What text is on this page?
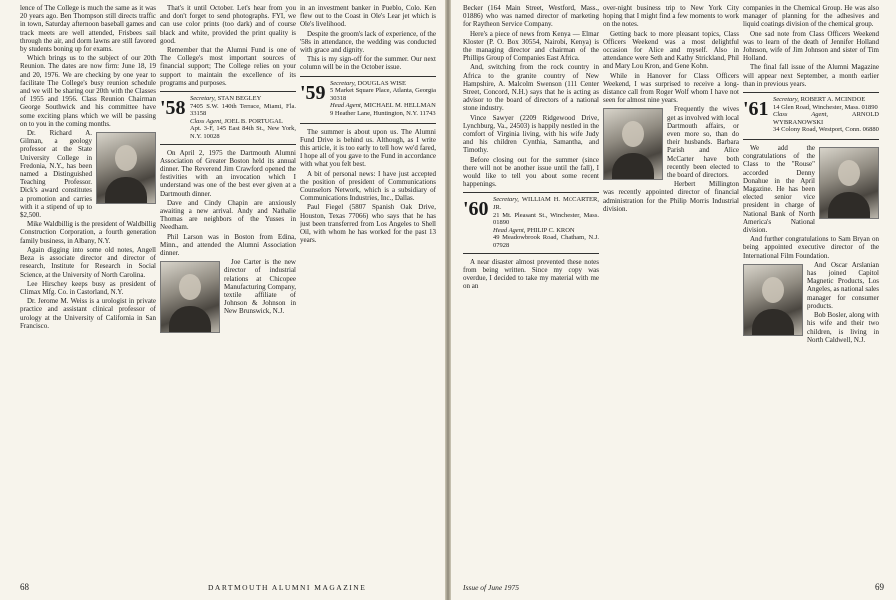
lence of The College is much the same as it was 20 years ago. Ben Thompson still directs traffic in town, Saturday afternoon baseball games and track meets are well attended, Frisbees sail through the air, and dorm lawns are still favored by students boning up for exams.

Which brings us to the subject of our 20th Reunion. The dates are now firm: June 18, 19 and 20, 1976. We are checking by one year to facilitate The College's busy reunion schedule and we will be sharing our 20th with the Classes of 1955 and 1956. Class Reunion Chairman George Southwick and his committee have some exciting plans which we will be passing on to you in the coming months.

Dr. Richard A. Gilman, a geology professor at the State University College in Fredonia, N.Y., has been named a Distinguished Teaching Professor. Dick's award constitutes a promotion and carries with it a stipend of up to $2,500.

Mike Waldbillig is the president of Waldbillig Construction Corporation, a fourth generation family business, in Albany, N.Y.

Again digging into some old notes, Angell Beza is associate director and director of research, Institute for Research in Social Science, at the University of North Carolina.

Lee Hirschey keeps busy as president of Climax Mfg. Co. in Castorland, N.Y.

Dr. Jerome M. Weiss is a urologist in private practice and assistant clinical professor of urology at the University of California in San Francisco.

That's it until October. Let's hear from you and don't forget to send photographs. FYI, we can use color prints (too dark) and of course black and white, provided the print quality is good.

Remember that the Alumni Fund is one of The College's most important sources of financial support; The College relies on your support to maintain the excellence of its programs and purposes.

'58 Secretary, STAN BEGLEY
7405 S.W. 140th Terrace, Miami, Fla. 33158
Class Agent, JOEL B. PORTUGAL
Apt. 3-F, 145 East 84th St., New York, N.Y. 10028

On April 2, 1975 the Dartmouth Alumni Association of Greater Boston held its annual dinner. The Reverend Jim Crawford opened the festivities with an invocation which I understand was one of the best ever given at a Dartmouth dinner.

Dave and Cindy Chapin are anxiously awaiting a new arrival. Andy and Nathalie Thomas are neighbors of the Yusses in Needham.

Phil Larson was in Boston from Edina, Minn., and attended the Alumni Association dinner.

Joe Carter is the new director of industrial relations at Chicopee Manufacturing Company, textile affiliate of Johnson & Johnson in New Brunswick, N.J.

in an investment banker in Pueblo, Colo. Ken flew out to the Coast in Ole's Lear jet which is Ole's livelihood.

Despite the groom's lack of experience, of the '58s in attendance, the wedding was conducted with grace and dignity.

This is my sign-off for the summer. Our next column will be in the October issue.

'59 Secretary, DOUGLAS WISE
5 Market Square Place, Atlanta, Georgia 30318
Head Agent, MICHAEL M. HELLMAN
9 Heather Lane, Huntington, N.Y. 11743

The summer is about upon us. The Alumni Fund Drive is behind us. Although, as I write this article, it is too early to tell how we'd fared, I hope all of you gave to the Fund in accordance with what you felt best.

A bit of personal news: I have just accepted the position of president of Communications Counselors Network, which is a subsidiary of Communications Industries, Inc., Dallas.

Paul Fiegel (5807 Spanish Oak Drive, Houston, Texas 77066) who says that he has just been transferred from Los Angeles to Shell Oil, with whom he has worked for the past 13 years.

68	DARTMOUTH ALUMNI MAGAZINE

Becker (164 Main Street, Westford, Mass., 01886) who was named director of marketing for Raytheon Service Company.

Here's a piece of news from Kenya — Elmar Kloster (P. O. Box 30554, Nairobi, Kenya) is the managing director and chairman of the Phillips Group of Companies East Africa.

And, switching from the rock country in Africa to the granite country of New Hampshire, A. Malcolm Swenson (111 Center Street, Concord, N.H.) says that he is acting as advisor to the board of directors of a national stone industry.

Vince Sawyer (2209 Ridgewood Drive, Lynchburg, Va., 24503) is happily nestled in the comfort of Virginia living, with his wife Judy and his children Cynthia, Samantha, and Timothy.

Before closing out for the summer (since there will not be another issue until the fall), I would like to tell you about some recent happenings.

'60 Secretary, WILLIAM H. McCARTER, JR.
21 Mt. Pleasant St., Winchester, Mass. 01890
Head Agent, PHILIP C. KRON
49 Meadowbrook Road, Chatham, N.J. 07928

A near disaster almost prevented these notes from being written. Since my copy was overdue, I decided to take my material with me on an

over-night business trip to New York City hoping that I might find a few moments to work on the notes.

Getting back to more pleasant topics, Class Officers Weekend was a most delightful occasion for Alice and myself. Also in attendance were Seth and Kathy Strickland, Phil and Mary Lou Kron, and Gene Kohn.

While in Hanover for Class Officers Weekend, I was surprised to receive a long-distance call from Roger Wolf whom I have not seen for almost nine years.

Frequently the wives get as involved with local Dartmouth affairs, or even more so, than do their husbands. Barbara Parish and Alice McCarter have both recently been elected to the board of directors.

Herbert Millington was recently appointed director of financial administration for the Philip Morris Industrial division.

companies in the Chemical Group. He was also manager of planning for the adhesives and liquid coatings division of the chemical group.

One sad note from Class Officers Weekend was to learn of the death of Jennifer Holland Johnson, wife of Jim Johnson and sister of Tim Holland.

The final fall issue of the Alumni Magazine will appear next September, a month earlier than in previous years.

'61 Secretary, ROBERT A. MCINDOE
14 Glen Road, Winchester, Mass. 01890
Class Agent,	ARNOLD WYBRANOWSKI
34 Colony Road, Westport, Conn. 06880

We add the congratulations of the Class to the "Rouse" accorded Denny Donahue in the April Magazine. He has been elected senior vice president in charge of National Bank of North America's National division.

And further congratulations to Sam Bryan on being appointed executive director of the International Film Foundation.

And Oscar Arslanian has joined Capitol Magnetic Products, Los Angeles, as national sales manager for consumer products.

Bob Bosler, along with his wife and their two children, is living in North Caldwell, N.J.

Issue of June 1975	69
